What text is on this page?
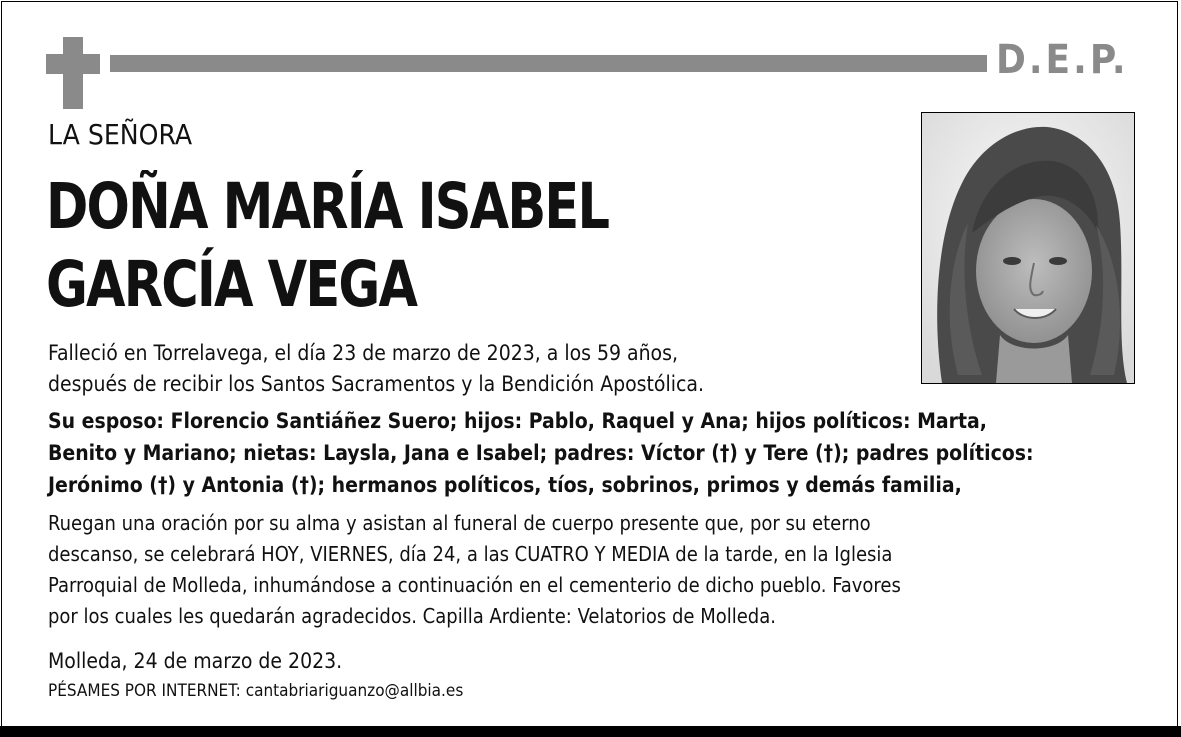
D.E.P.
LA SEÑORA
DOÑA MARÍA ISABEL
GARCÍA VEGA
Falleció en Torrelavega, el día 23 de marzo de 2023, a los 59 años,
después de recibir los Santos Sacramentos y la Bendición Apostólica.
Su esposo: Florencio Santiáñez Suero; hijos: Pablo, Raquel y Ana; hijos políticos: Marta,
Benito y Mariano; nietas: Laysla, Jana e Isabel; padres: Víctor (†) y Tere (†); padres políticos:
Jerónimo (†) y Antonia (†); hermanos políticos, tíos, sobrinos, primos y demás familia,
Ruegan una oración por su alma y asistan al funeral de cuerpo presente que, por su eterno
descanso, se celebrará HOY, VIERNES, día 24, a las CUATRO Y MEDIA de la tarde, en la Iglesia
Parroquial de Molleda, inhumándose a continuación en el cementerio de dicho pueblo. Favores
por los cuales les quedarán agradecidos. Capilla Ardiente: Velatorios de Molleda.
Molleda, 24 de marzo de 2023.
PÉSAMES POR INTERNET: cantabriariguanzo@allbia.es
